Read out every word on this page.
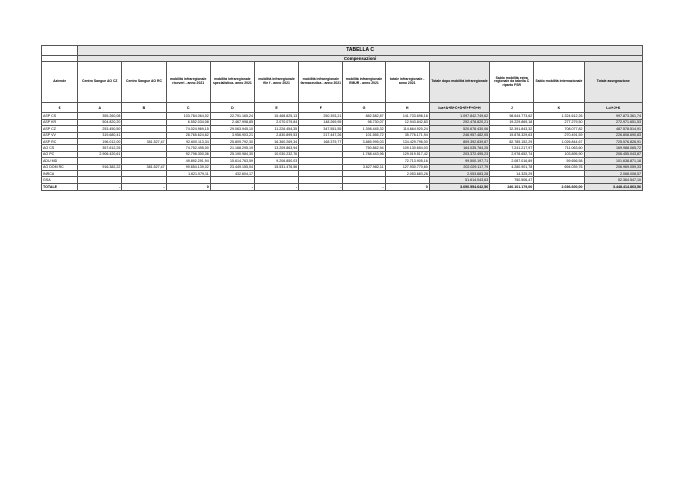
	TABELLA C											
	Compensazioni											
Aziende	Centro Sangue AO CZ	Centro Sangue AO RC	mobilità infraregionale ricoveri - anno 2021	mobilità infraregionale specialistica- anno 2021	mobilità infraregionale file f - anno 2021	mobilità infraregionale farmaceutica - anno 2021	mobilità infraregionale EMUR - anno 2021	totale infraregionale - anno 2021	Totale dopo mobilità infraregionale	Saldo mobilità extra regionale da tabella C riparto FSR	Saldo mobilità internazionale	Totale assegnazione
€	A	B	C	D	E	F	G	H	I=a+A+B+C+D+E+F+G+H	J	K	L=I+J+K
ASP CS	355.260,08		103.784.064,02	22.751.165,24	15.468.825,13	250.393,21	882.582,87	141.733.696,16	1.097.842.749,62	98.644.773,62	1.324.612,26	997.873.361,74
ASP KR	504.820,20		6.552.034,08	2.467.998,85	2.070.079,84	148.269,95	98.730,07	12.943.842,83	292.478.820,21	19.229.869,18	277.279,50	272.971.651,53
ASP CZ	253.450,50		74.024.969,15	29.063.945,10	11.226.454,35	347.551,55	1.398.445,32	114.664.920,24	520.678.430,06	32.391.843,32	708.077,82	487.578.514,91
ASP VV	319.680,41		28.765.624,62	3.956.903,21	2.830.899,53	217.447,26	101.555,72	35.776.171,94	246.957.482,05	19.878.329,63	270.491,59	226.808.690,83
ASP RC	196.012,00	381.527,47	92.600.113,34	25.809.792,30	16.360.269,34	168.379,77	3.885.995,03	134.429.796,00	809.392.839,87	82.785.152,29	1.026.844,67	725.576.826,91
AO CS	357.612,25		74.752.495,00	21.168.295,19	13.209.863,94		750.862,94	109.130.654,03	164.035.784,25	7.241.217,97	711.063,60	169.988.065,72
AO PC	2.906.420,61		92.798.300,36	25.190.984,30	10.030.232,76		1.788.443,96	129.019.517,42	203.372.495,23	2.978.652,74	103.895,90	206.455.043,87
ADU MD			49.892.291,94	15.614.763,59	9.206.850,03			72.713.905,16	99.500.197,71	2.087.016,89	59.656,58	101.638.871,18
AO DOM RC	916.382,22	381.527,47	99.654.139,02	23.449.155,04	15.531.476,56		3.627.982,11	127.930.770,60	202.029.117,79	4.280.901,78	694.039,76	206.969.059,33
INRCA			1.621.079,11	432.604,17				2.053.683,28	2.053.683,28	14.325,29		2.068.008,57
GSA									51.614.043,63	750.506,47		52.364.547,10
TOTALE	-	-	0	-	-	-	-	0	3.690.554.642,56	240.101.179,00	2.036.600,00	3.448.414.863,56
